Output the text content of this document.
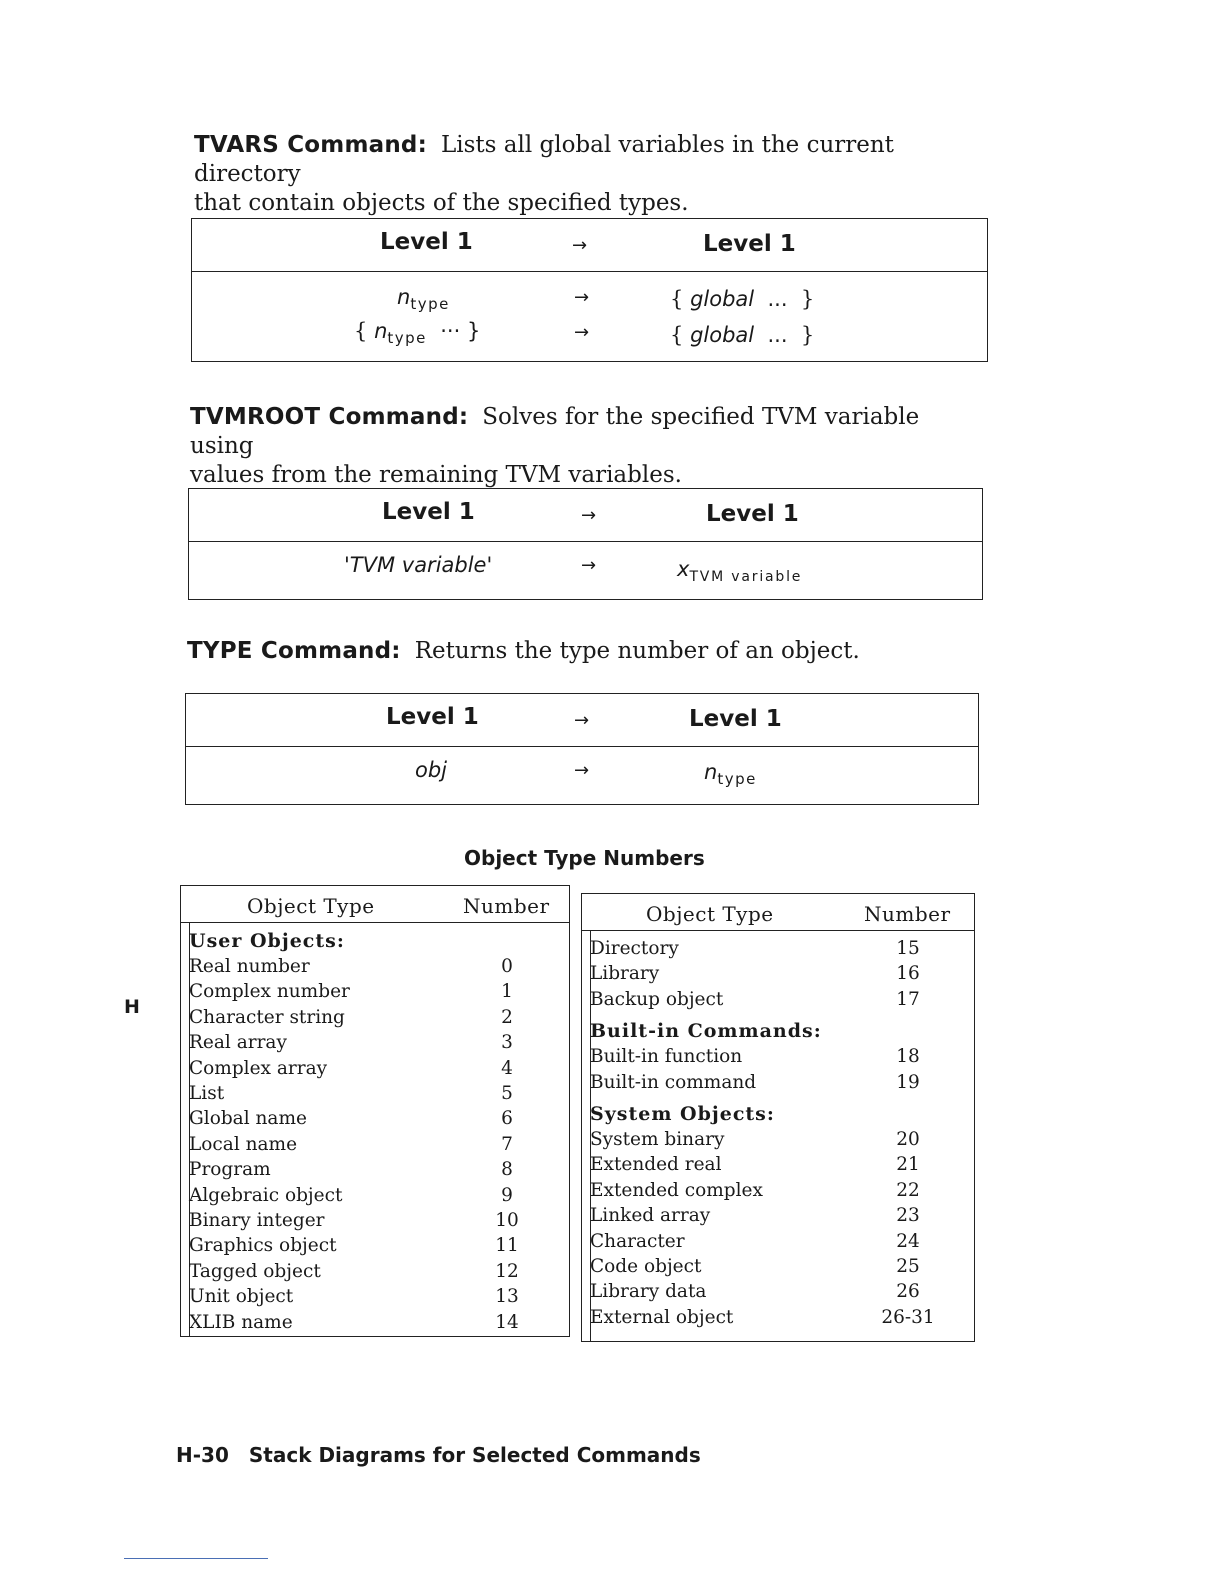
TVARS Command: Lists all global variables in the current directory
that contain objects of the specified types.
Level 1	→	Level 1
$n_{type}$	→	{ global ... }
{ $n_{type}$ ··· }	→	{ global ... }
TVMROOT Command: Solves for the specified TVM variable using
values from the remaining TVM variables.
Level 1	→	Level 1
'TVM variable'	→	$x_{TVM variable}$
TYPE Command: Returns the type number of an object.
Level 1	→	Level 1
obj	→	$n_{type}$
Object Type Numbers
Object Type	Number
User Objects:
Real number	0
Complex number	1
Character string	2
Real array	3
Complex array	4
List	5
Global name	6
Local name	7
Program	8
Algebraic object	9
Binary integer	10
Graphics object	11
Tagged object	12
Unit object	13
XLIB name	14
Object Type	Number
Directory	15
Library	16
Backup object	17
Built-in Commands:
Built-in function	18
Built-in command	19
System Objects:
System binary	20
Extended real	21
Extended complex	22
Linked array	23
Character	24
Code object	25
Library data	26
External object	26-31
H
H-30 Stack Diagrams for Selected Commands
